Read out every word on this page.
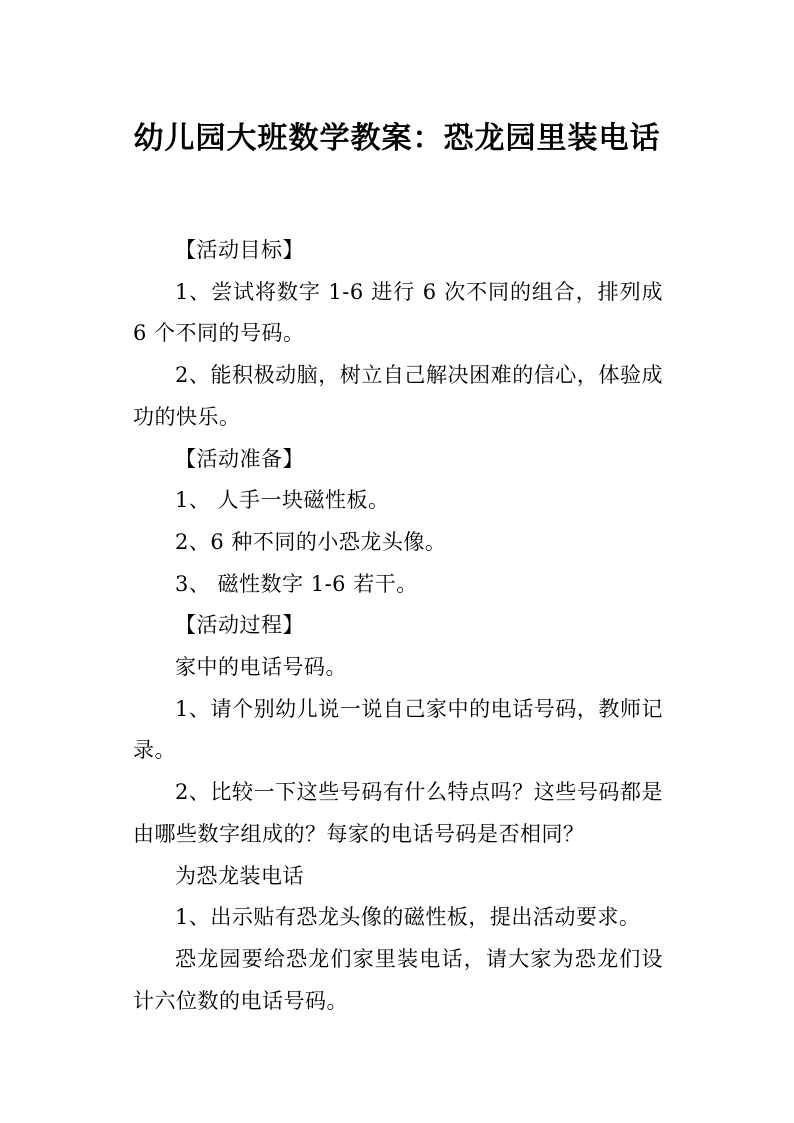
幼儿园大班数学教案：恐龙园里装电话

【活动目标】

1、尝试将数字 1-6 进行 6 次不同的组合，排列成 6 个不同的号码。

2、能积极动脑，树立自己解决困难的信心，体验成功的快乐。

【活动准备】

1、 人手一块磁性板。

2、6 种不同的小恐龙头像。

3、 磁性数字 1-6 若干。

【活动过程】

家中的电话号码。

1、请个别幼儿说一说自己家中的电话号码，教师记录。

2、比较一下这些号码有什么特点吗？这些号码都是由哪些数字组成的？每家的电话号码是否相同？

为恐龙装电话

1、出示贴有恐龙头像的磁性板，提出活动要求。

恐龙园要给恐龙们家里装电话，请大家为恐龙们设计六位数的电话号码。
